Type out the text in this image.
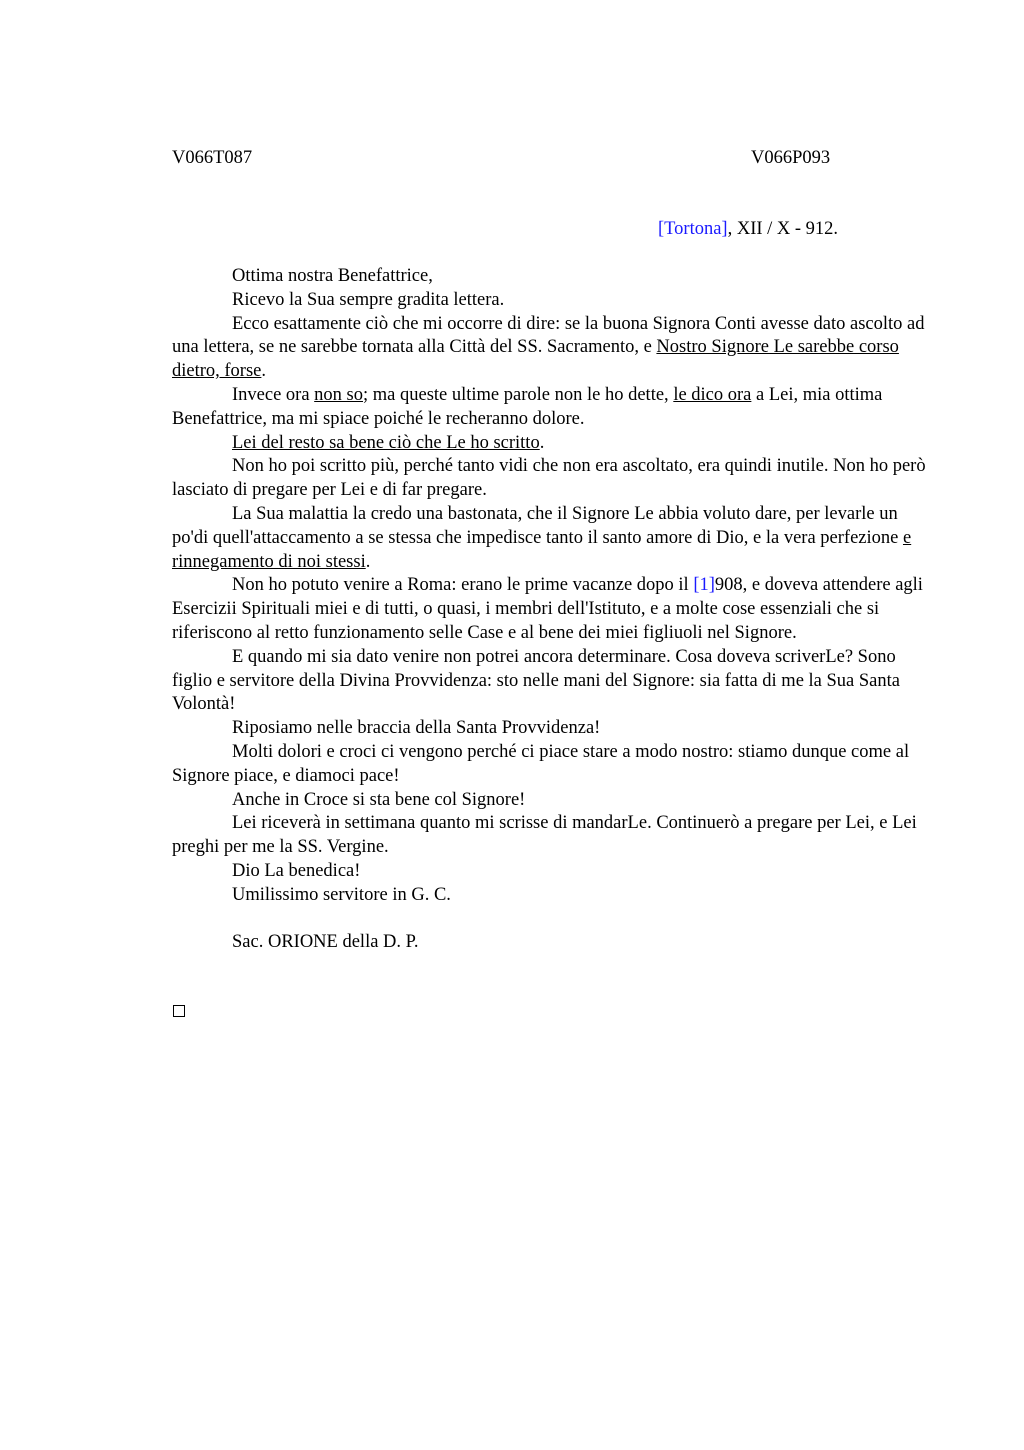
V066T087	V066P093
[Tortona], XII / X - 912.

Ottima nostra Benefattrice,

Ricevo la Sua sempre gradita lettera.

Ecco esattamente ciò che mi occorre di dire: se la buona Signora Conti avesse dato ascolto ad una lettera, se ne sarebbe tornata alla Città del SS. Sacramento, e Nostro Signore Le sarebbe corso dietro, forse.

Invece ora non so; ma queste ultime parole non le ho dette, le dico ora a Lei, mia ottima Benefattrice, ma mi spiace poiché le recheranno dolore.

Lei del resto sa bene ciò che Le ho scritto.

Non ho poi scritto più, perché tanto vidi che non era ascoltato, era quindi inutile. Non ho però lasciato di pregare per Lei e di far pregare.

La Sua malattia la credo una bastonata, che il Signore Le abbia voluto dare, per levarle un po'di quell'attaccamento a se stessa che impedisce tanto il santo amore di Dio, e la vera perfezione e rinnegamento di noi stessi.

Non ho potuto venire a Roma: erano le prime vacanze dopo il [1]908, e doveva attendere agli Esercizii Spirituali miei e di tutti, o quasi, i membri dell'Istituto, e a molte cose essenziali che si riferiscono al retto funzionamento selle Case e al bene dei miei figliuoli nel Signore.

E quando mi sia dato venire non potrei ancora determinare. Cosa doveva scriverLe? Sono figlio e servitore della Divina Provvidenza: sto nelle mani del Signore: sia fatta di me la Sua Santa Volontà!

Riposiamo nelle braccia della Santa Provvidenza!

Molti dolori e croci ci vengono perché ci piace stare a modo nostro: stiamo dunque come al Signore piace, e diamoci pace!

Anche in Croce si sta bene col Signore!

Lei riceverà in settimana quanto mi scrisse di mandarLe. Continuerò a pregare per Lei, e Lei preghi per me la SS. Vergine.

Dio La benedica!

Umilissimo servitore in G. C.

Sac. ORIONE della D. P.
